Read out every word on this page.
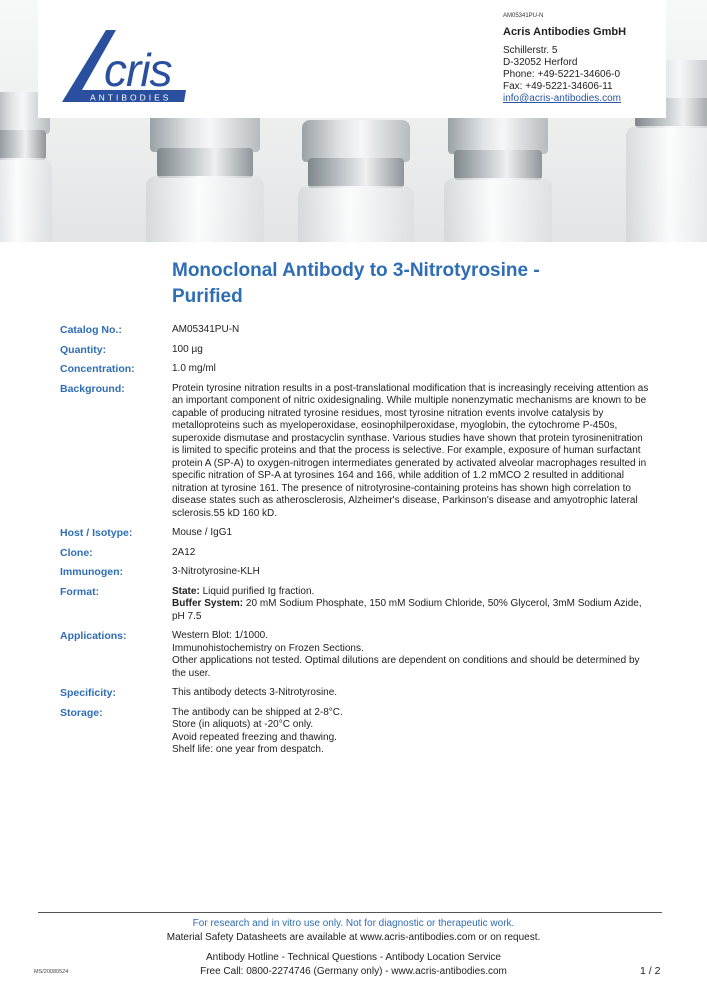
cris
ANTIBODIES
AM05341PU-N
Acris Antibodies GmbH
Schillerstr. 5
D-32052 Herford
Phone: +49-5221-34606-0
Fax: +49-5221-34606-11
info@acris-antibodies.com
Monoclonal Antibody to 3-Nitrotyrosine -
Purified
Catalog No.:	AM05341PU-N
Quantity:	100 µg
Concentration:	1.0 mg/ml
Background:	Protein tyrosine nitration results in a post-translational modification that is increasingly receiving attention as an important component of nitric oxidesignaling. While multiple nonenzymatic mechanisms are known to be capable of producing nitrated tyrosine residues, most tyrosine nitration events involve catalysis by metalloproteins such as myeloperoxidase, eosinophilperoxidase, myoglobin, the cytochrome P-450s, superoxide dismutase and prostacyclin synthase. Various studies have shown that protein tyrosinenitration is limited to specific proteins and that the process is selective. For example, exposure of human surfactant protein A (SP-A) to oxygen-nitrogen intermediates generated by activated alveolar macrophages resulted in specific nitration of SP-A at tyrosines 164 and 166, while addition of 1.2 mMCO 2 resulted in additional nitration at tyrosine 161. The presence of nitrotyrosine-containing proteins has shown high correlation to disease states such as atherosclerosis, Alzheimer's disease, Parkinson's disease and amyotrophic lateral sclerosis.55 kD 160 kD.
Host / Isotype:	Mouse / IgG1
Clone:	2A12
Immunogen:	3-Nitrotyrosine-KLH
Format:	State: Liquid purified Ig fraction.
Buffer System: 20 mM Sodium Phosphate, 150 mM Sodium Chloride, 50% Glycerol, 3mM Sodium Azide, pH 7.5
Applications:	Western Blot: 1/1000.
Immunohistochemistry on Frozen Sections.
Other applications not tested. Optimal dilutions are dependent on conditions and should be determined by the user.
Specificity:	This antibody detects 3-Nitrotyrosine.
Storage:	The antibody can be shipped at 2-8°C.
Store (in aliquots) at -20°C only.
Avoid repeated freezing and thawing.
Shelf life: one year from despatch.
For research and in vitro use only. Not for diagnostic or therapeutic work.
Material Safety Datasheets are available at www.acris-antibodies.com or on request.
Antibody Hotline - Technical Questions - Antibody Location Service
Free Call: 0800-2274746 (Germany only) - www.acris-antibodies.com
MS/20080524	1 / 2
